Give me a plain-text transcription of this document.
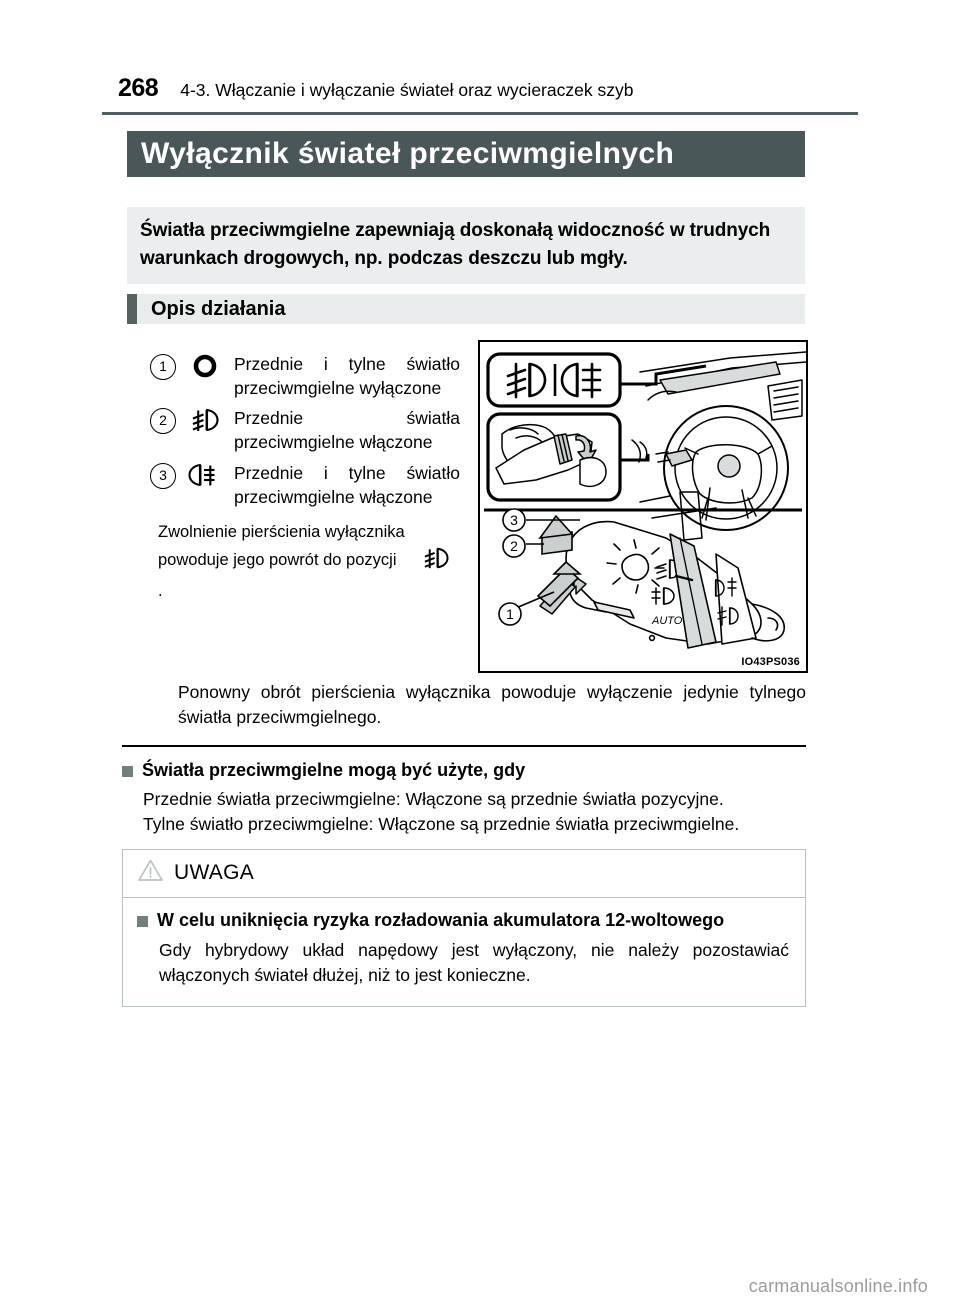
268 4-3. Włączanie i wyłączanie świateł oraz wycieraczek szyb
Wyłącznik świateł przeciwmgielnych

Światła przeciwmgielne zapewniają doskonałą widoczność w trudnych warunkach drogowych, np. podczas deszczu lub mgły.

Opis działania
1	Przednie i tylne światło przeciwmgielne wyłączone
2	Przednie światła przeciwmgielne włączone
3	Przednie i tylne światło przeciwmgielne włączone
Zwolnienie pierścienia wyłącznika powoduje jego powrót do pozycji  .
AUTO
1
2
3
IO43PS036
Ponowny obrót pierścienia wyłącznika powoduje wyłączenie jedynie tylnego światła przeciwmgielnego.
Światła przeciwmgielne mogą być użyte, gdy
Przednie światła przeciwmgielne: Włączone są przednie światła pozycyjne.
Tylne światło przeciwmgielne: Włączone są przednie światła przeciwmgielne.
UWAGA
W celu uniknięcia ryzyka rozładowania akumulatora 12-woltowego
Gdy hybrydowy układ napędowy jest wyłączony, nie należy pozostawiać włączonych świateł dłużej, niż to jest konieczne.
carmanualsonline.info
